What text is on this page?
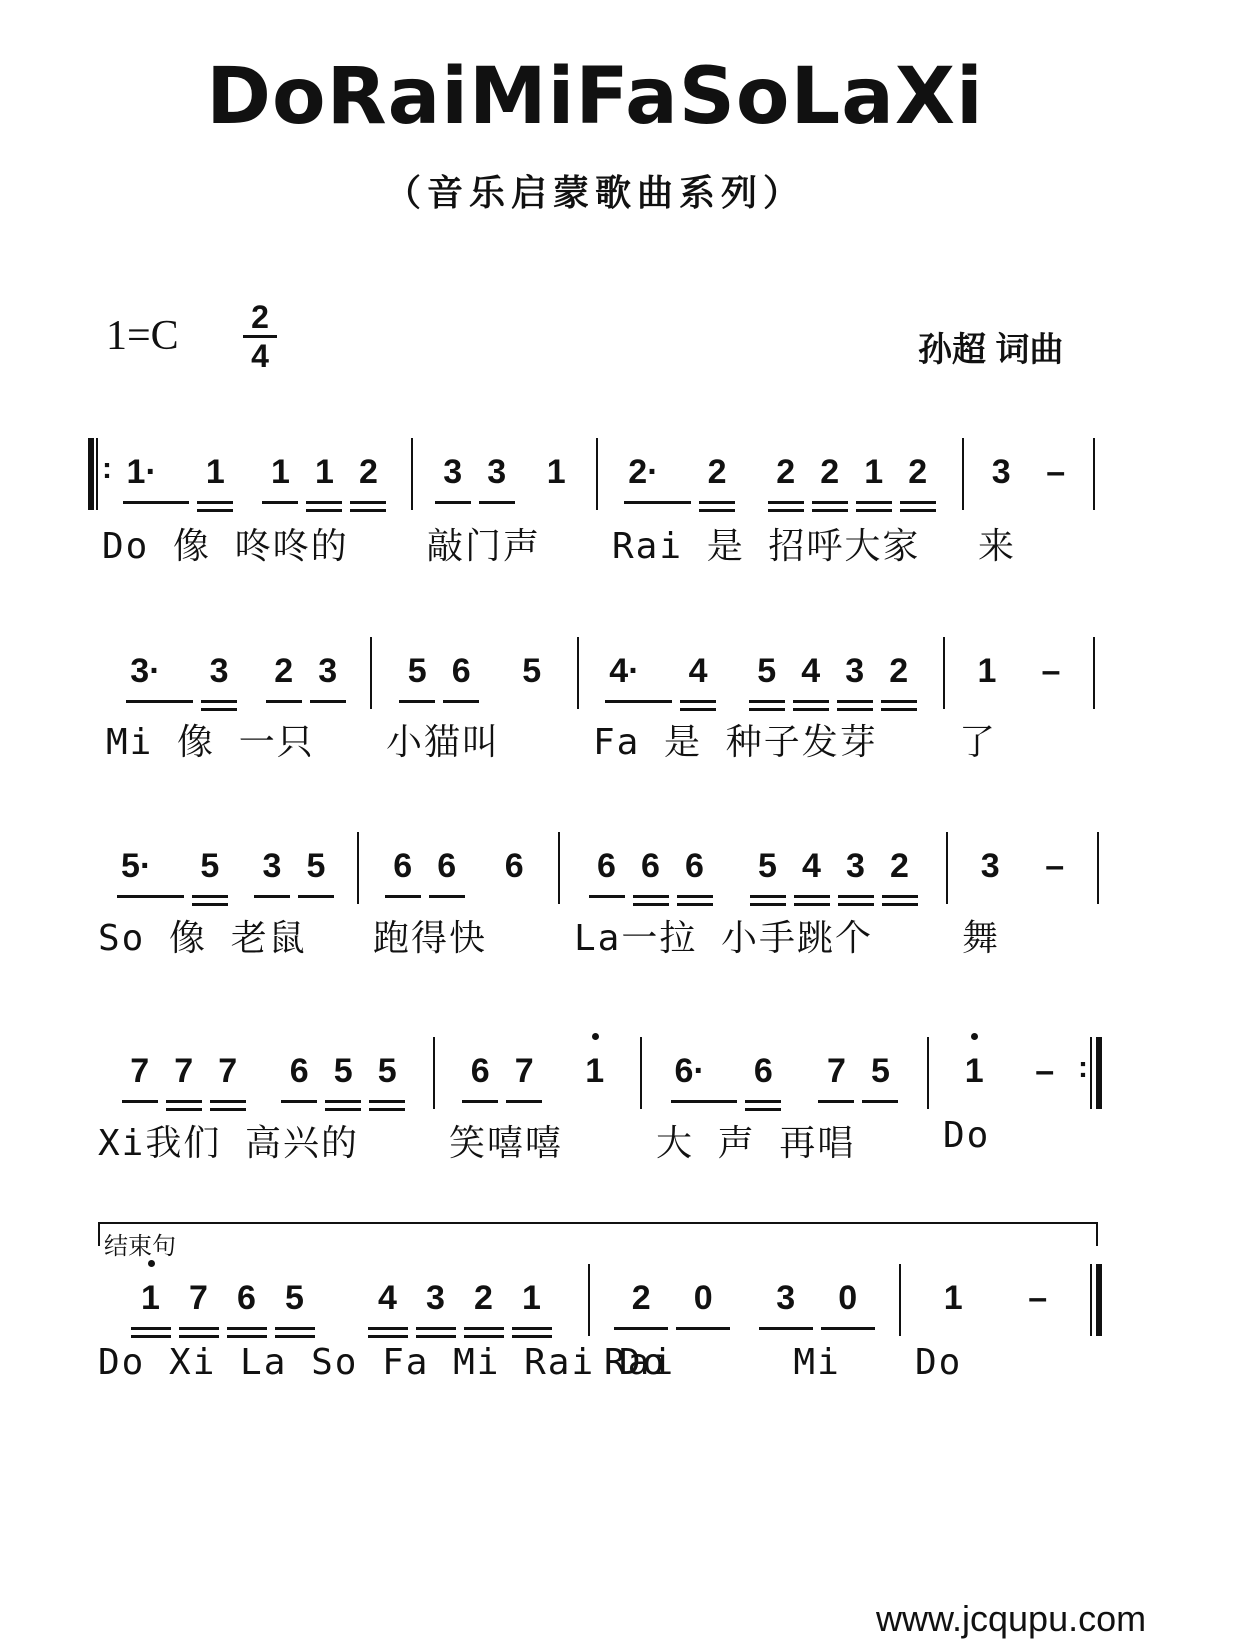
DoRaiMiFaSoLaXi
（音乐启蒙歌曲系列）
1=C 2
4	孙超 词曲
结束句
www.jcqupu.com
: 1·	1	1 1 2
Do 像 咚咚的
3 3	1
敲门声
2·	2	2 2 1 2
Rai 是 招呼大家
3	–
来
3·	3	2 3
Mi 像 一只
5 6	5
小猫叫
4·	4	5 4 3 2
Fa 是 种子发芽
1	–
了
5·	5	3 5
So 像 老鼠
6 6	6
跑得快
6 6 6	5 4 3 2
La一拉 小手跳个
3	–
舞
:
7 7 7	6 5 5
Xi我们 高兴的
6 7	1
笑嘻嘻
6·	6	7 5
大 声 再唱
1	–
Do
1 7 6 5	4 3 2 1
Do Xi La So Fa Mi Rai Do
2	0	3	0
Rai     Mi
1	–
Do
